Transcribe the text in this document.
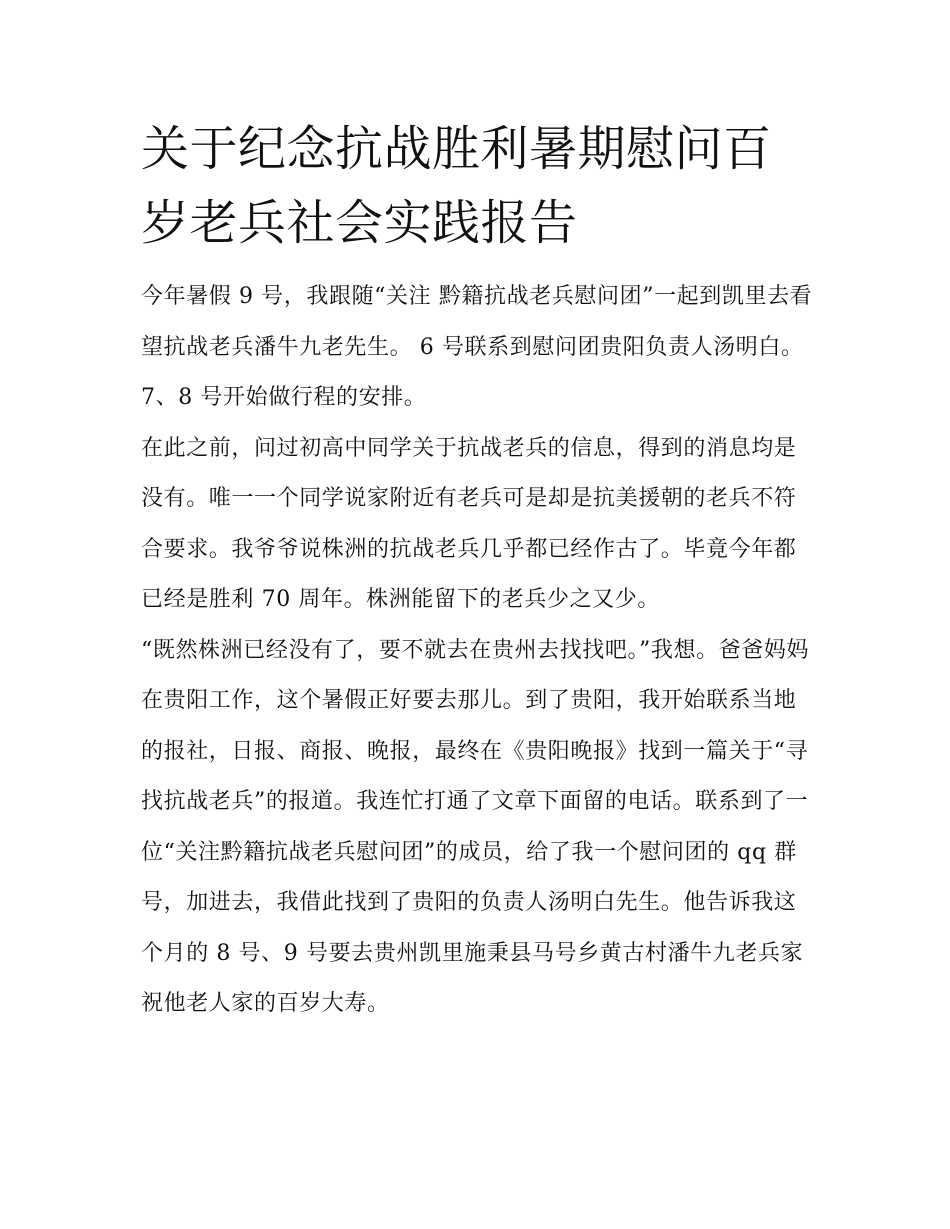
关于纪念抗战胜利暑期慰问百岁老兵社会实践报告

今年暑假 9 号，我跟随“关注 黔籍抗战老兵慰问团”一起到凯里去看望抗战老兵潘牛九老先生。 6 号联系到慰问团贵阳负责人汤明白。7、8 号开始做行程的安排。

在此之前，问过初高中同学关于抗战老兵的信息，得到的消息均是没有。唯一一个同学说家附近有老兵可是却是抗美援朝的老兵不符合要求。我爷爷说株洲的抗战老兵几乎都已经作古了。毕竟今年都已经是胜利 70 周年。株洲能留下的老兵少之又少。

“既然株洲已经没有了，要不就去在贵州去找找吧。”我想。爸爸妈妈在贵阳工作，这个暑假正好要去那儿。到了贵阳，我开始联系当地的报社，日报、商报、晚报，最终在《贵阳晚报》找到一篇关于“寻找抗战老兵”的报道。我连忙打通了文章下面留的电话。联系到了一位“关注黔籍抗战老兵慰问团”的成员，给了我一个慰问团的 qq 群号，加进去，我借此找到了贵阳的负责人汤明白先生。他告诉我这个月的 8 号、9 号要去贵州凯里施秉县马号乡黄古村潘牛九老兵家祝他老人家的百岁大寿。
